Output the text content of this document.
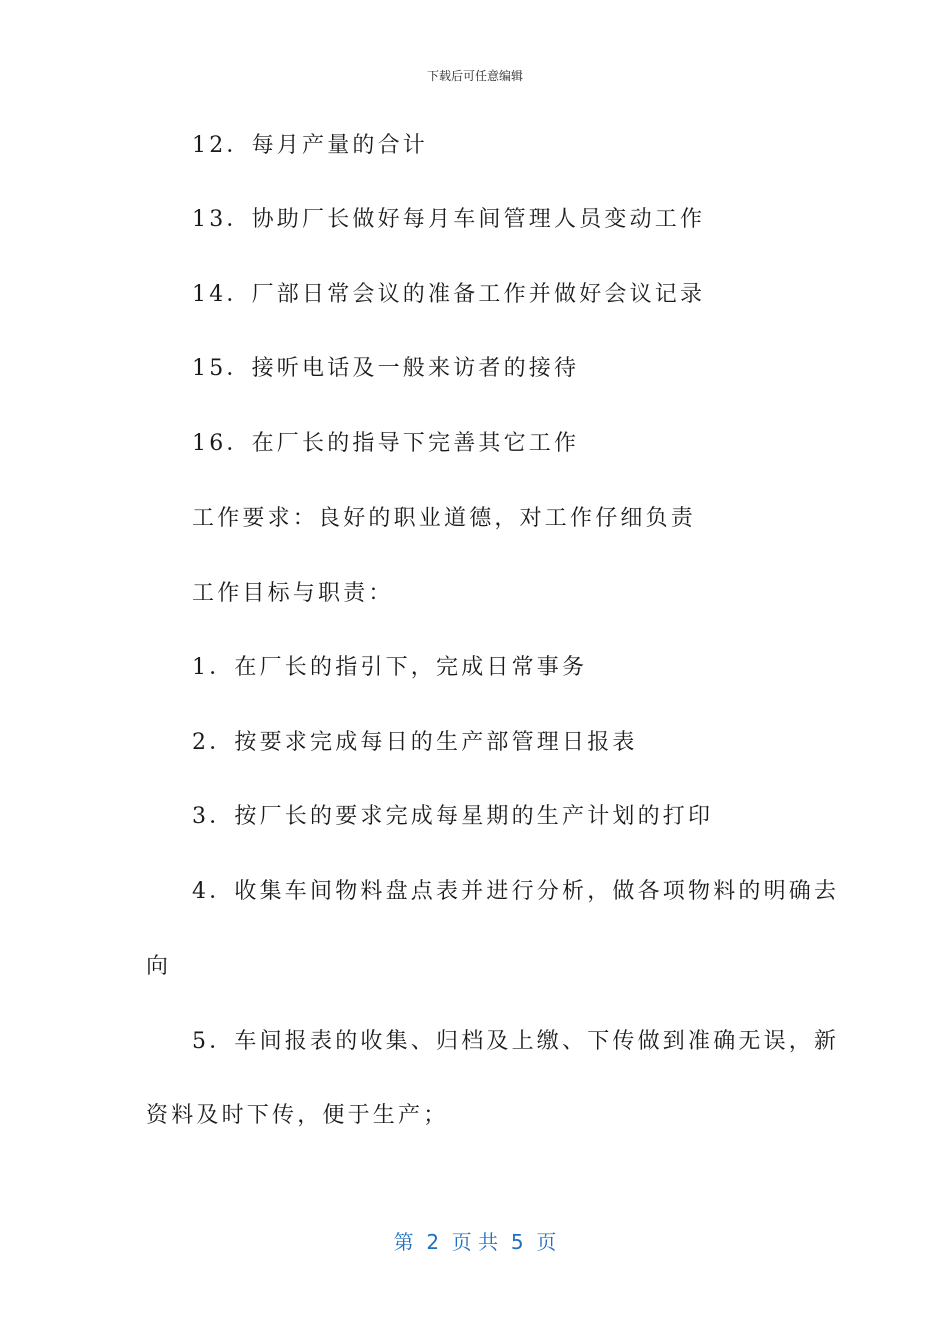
下载后可任意编辑
12．每月产量的合计
13．协助厂长做好每月车间管理人员变动工作
14．厂部日常会议的准备工作并做好会议记录
15．接听电话及一般来访者的接待
16．在厂长的指导下完善其它工作
工作要求：良好的职业道德，对工作仔细负责
工作目标与职责：
1．在厂长的指引下，完成日常事务
2．按要求完成每日的生产部管理日报表
3．按厂长的要求完成每星期的生产计划的打印
4．收集车间物料盘点表并进行分析，做各项物料的明确去
向
5．车间报表的收集、归档及上缴、下传做到准确无误，新
资料及时下传，便于生产；
第  2  页 共  5  页
